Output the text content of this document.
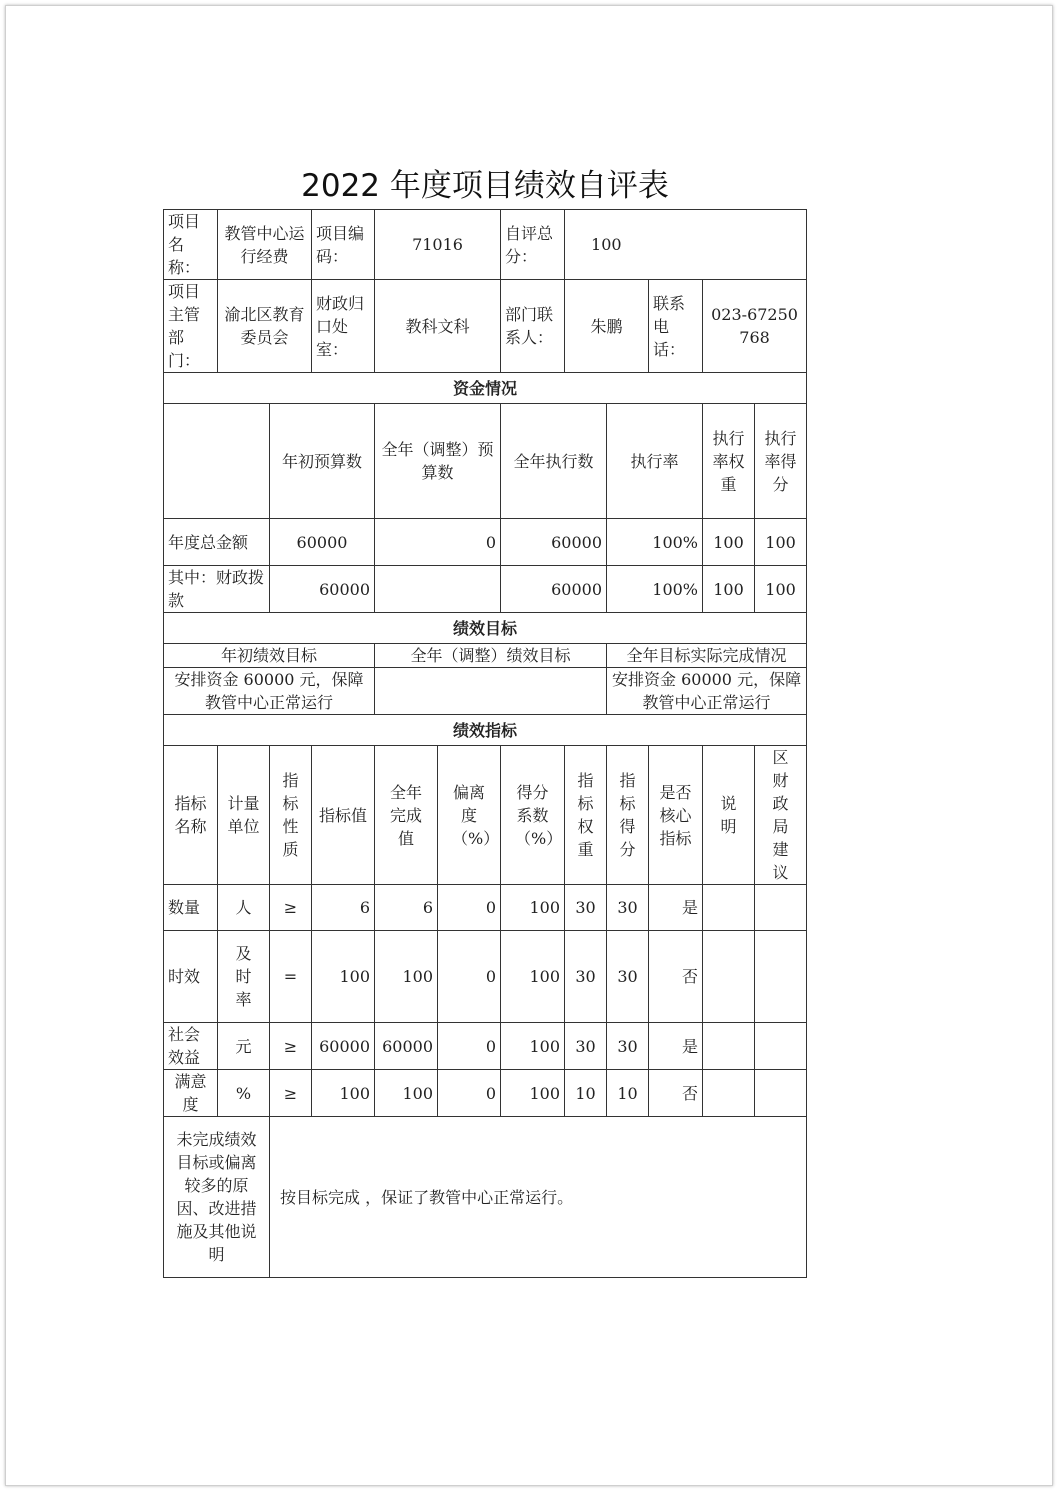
2022 年度项目绩效自评表
项目名称：	教管中心运行经费		项目编码：	71016		自评总分：	100				
项目主管部门：	渝北区教育委员会		财政归口处室：	教科文科		部门联系人：	朱鹏		联系电话：	023-67250768	
资金情况											
		年初预算数		全年（调整）预算数		全年执行数		执行率		执行率权重	执行率得分
年度总金额		60000		0		60000		100%		100	100
其中：财政拨款		60000				60000		100%		100	100
绩效目标											
年初绩效目标				全年（调整）绩效目标				全年目标实际完成情况			
安排资金 60000 元，保障教管中心正常运行								安排资金 60000 元，保障教管中心正常运行			
绩效指标											
指标名称	计量单位	指标性质	指标值	全年完成值	偏离度（%）	得分系数（%）	指标权重	指标得分	是否核心指标	说明	区财政局建议
数量	人	≥	6	6	0	100	30	30	是		
时效	及时率	=	100	100	0	100	30	30	否		
社会效益	元	≥	60000	60000	0	100	30	30	是		
满意度	%	≥	100	100	0	100	10	10	否		
未完成绩效目标或偏离较多的原因、改进措施及其他说明		按目标完成 ，保证了教管中心正常运行。									
